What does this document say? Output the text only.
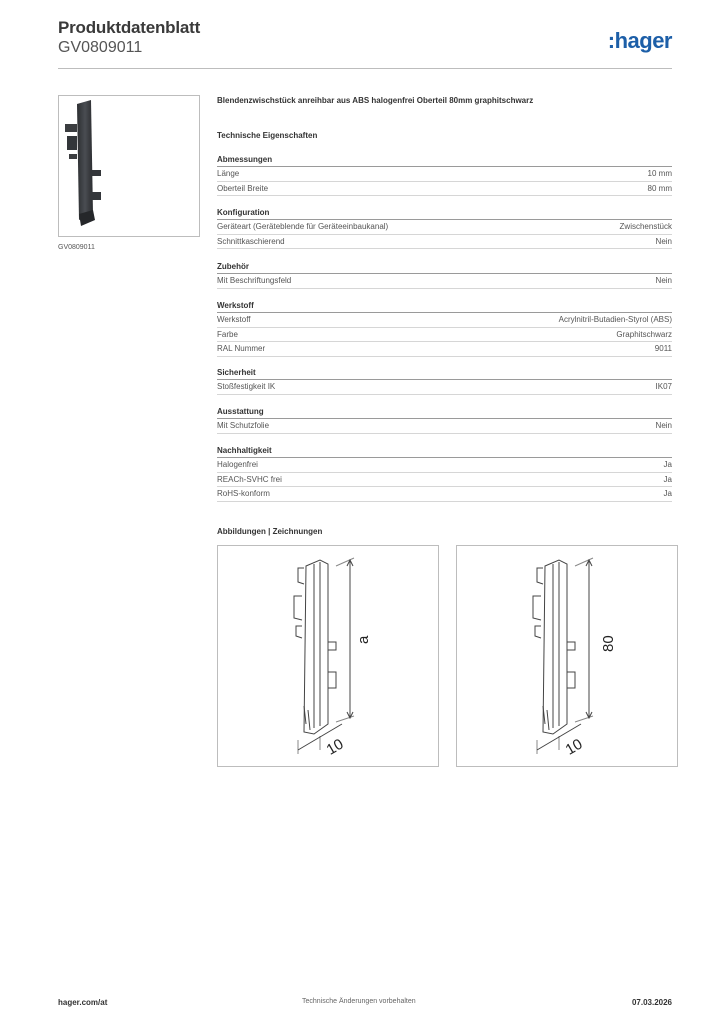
Produktdatenblatt
GV0809011	:hager
GV0809011
Blendenzwischstück anreihbar aus ABS halogenfrei Oberteil 80mm graphitschwarz
Technische Eigenschaften
Abmessungen
Länge	10 mm
Oberteil Breite	80 mm
Konfiguration
Geräteart (Geräteblende für Geräteeinbaukanal)	Zwischenstück
Schnittkaschierend	Nein
Zubehör
Mit Beschriftungsfeld	Nein
Werkstoff
Werkstoff	Acrylnitril-Butadien-Styrol (ABS)
Farbe	Graphitschwarz
RAL Nummer	9011
Sicherheit
Stoßfestigkeit IK	IK07
Ausstattung
Mit Schutzfolie	Nein
Nachhaltigkeit
Halogenfrei	Ja
REACh-SVHC frei	Ja
RoHS-konform	Ja
Abbildungen | Zeichnungen
a
10
80
10
hager.com/at	Technische Änderungen vorbehalten	07.03.2026
